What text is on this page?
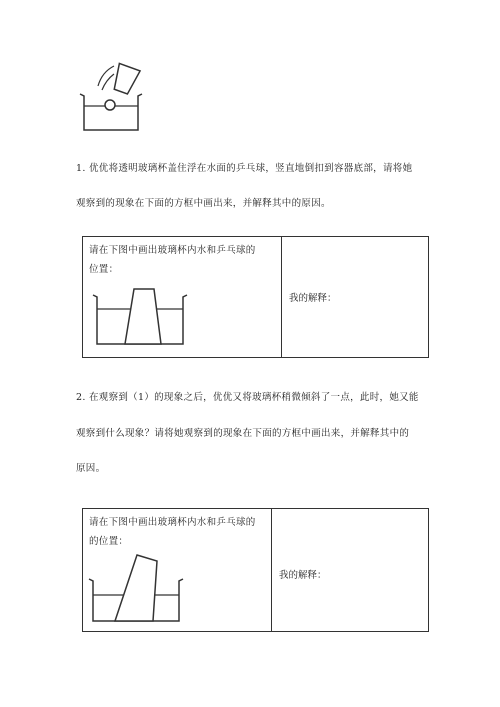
1. 优优将透明玻璃杯盖住浮在水面的乒乓球，竖直地倒扣到容器底部，请将她
观察到的现象在下面的方框中画出来，并解释其中的原因。
请在下图中画出玻璃杯内水和乒乓球的
位置：
我的解释：
2. 在观察到（1）的现象之后，优优又将玻璃杯稍微倾斜了一点，此时，她又能
观察到什么现象？请将她观察到的现象在下面的方框中画出来，并解释其中的
原因。
请在下图中画出玻璃杯内水和乒乓球的
的位置：
我的解释：
